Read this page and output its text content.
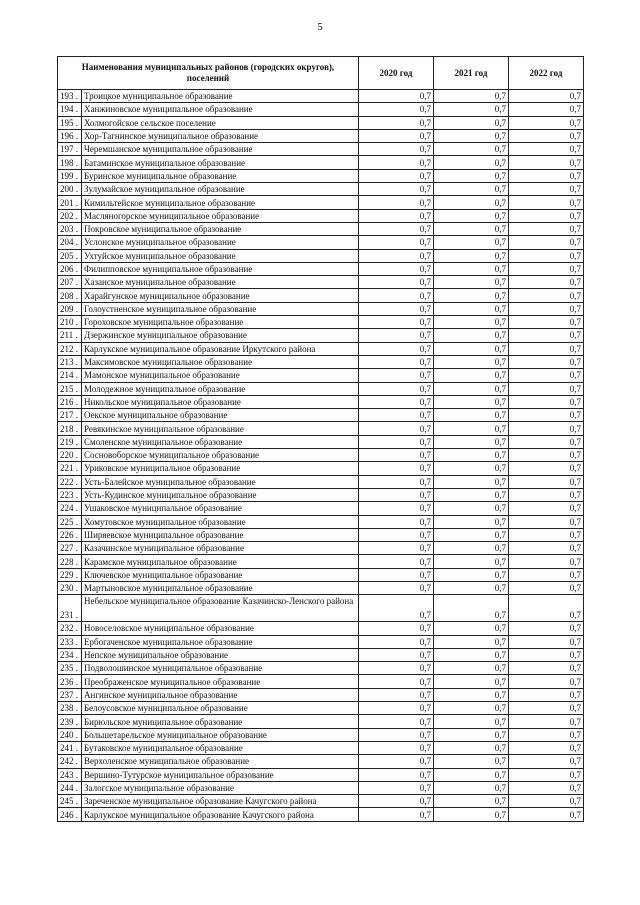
5
Наименования муниципальных районов (городских округов), поселений		2020 год	2021 год	2022 год
193 .	Троицкое муниципальное образование	0,7	0,7	0,7
194 .	Ханжиновское муниципальное образование	0,7	0,7	0,7
195 .	Холмогойское сельское поселение	0,7	0,7	0,7
196 .	Хор-Тагнинское муниципальное образование	0,7	0,7	0,7
197 .	Черемшанское муниципальное образование	0,7	0,7	0,7
198 .	Батаминское муниципальное образование	0,7	0,7	0,7
199 .	Буринское муниципальное образование	0,7	0,7	0,7
200 .	Зулумайское муниципальное образование	0,7	0,7	0,7
201 .	Кимильтейское муниципальное образование	0,7	0,7	0,7
202 .	Масляногорское муниципальное образование	0,7	0,7	0,7
203 .	Покровское муниципальное образование	0,7	0,7	0,7
204 .	Услонское муниципальное образование	0,7	0,7	0,7
205 .	Ухтуйское муниципальное образование	0,7	0,7	0,7
206 .	Филипповское муниципальное образование	0,7	0,7	0,7
207 .	Хазанское муниципальное образование	0,7	0,7	0,7
208 .	Харайгунское муниципальное образование	0,7	0,7	0,7
209 .	Голоустненское муниципальное образование	0,7	0,7	0,7
210 .	Гороховское муниципальное образование	0,7	0,7	0,7
211 .	Дзержинское муниципальное образование	0,7	0,7	0,7
212 .	Карлукское муниципальное образование Иркутского района	0,7	0,7	0,7
213 .	Максимовское муниципальное образование	0,7	0,7	0,7
214 .	Мамонское муниципальное образование	0,7	0,7	0,7
215 .	Молодежное муниципальное образование	0,7	0,7	0,7
216 .	Никольское муниципальное образование	0,7	0,7	0,7
217 .	Оекское муниципальное образование	0,7	0,7	0,7
218 .	Ревякинское муниципальное образование	0,7	0,7	0,7
219 .	Смоленское муниципальное образование	0,7	0,7	0,7
220 .	Сосновоборское муниципальное образование	0,7	0,7	0,7
221 .	Уриковское муниципальное образование	0,7	0,7	0,7
222 .	Усть-Балейское муниципальное образование	0,7	0,7	0,7
223 .	Усть-Кудинское муниципальное образование	0,7	0,7	0,7
224 .	Ушаковское муниципальное образование	0,7	0,7	0,7
225 .	Хомутовское муниципальное образование	0,7	0,7	0,7
226 .	Ширяевское муниципальное образование	0,7	0,7	0,7
227 .	Казачинское муниципальное образование	0,7	0,7	0,7
228 .	Карамское муниципальное образование	0,7	0,7	0,7
229 .	Ключевское муниципальное образование	0,7	0,7	0,7
230 .	Мартыновское муниципальное образование	0,7	0,7	0,7
231 .	Небельское муниципальное образование Казачинско-Ленского района	0,7	0,7	0,7
232 .	Новоселовское муниципальное образование	0,7	0,7	0,7
233 .	Ербогаченское муниципальное образование	0,7	0,7	0,7
234 .	Непское муниципальное образование	0,7	0,7	0,7
235 .	Подволошинское муниципальное образование	0,7	0,7	0,7
236 .	Преображенское муниципальное образование	0,7	0,7	0,7
237 .	Ангинское муниципальное образование	0,7	0,7	0,7
238 .	Белоусовское муниципальное образование	0,7	0,7	0,7
239 .	Бирюльское муниципальное образование	0,7	0,7	0,7
240 .	Большетарельское муниципальное образование	0,7	0,7	0,7
241 .	Бутаковское муниципальное образование	0,7	0,7	0,7
242 .	Верхоленское муниципальное образование	0,7	0,7	0,7
243 .	Вершино-Тутурское муниципальное образование	0,7	0,7	0,7
244 .	Залогское муниципальное образование	0,7	0,7	0,7
245 .	Зареченское муниципальное образование Качугского района	0,7	0,7	0,7
246 .	Карлукское муниципальное образование Качугского района	0,7	0,7	0,7
